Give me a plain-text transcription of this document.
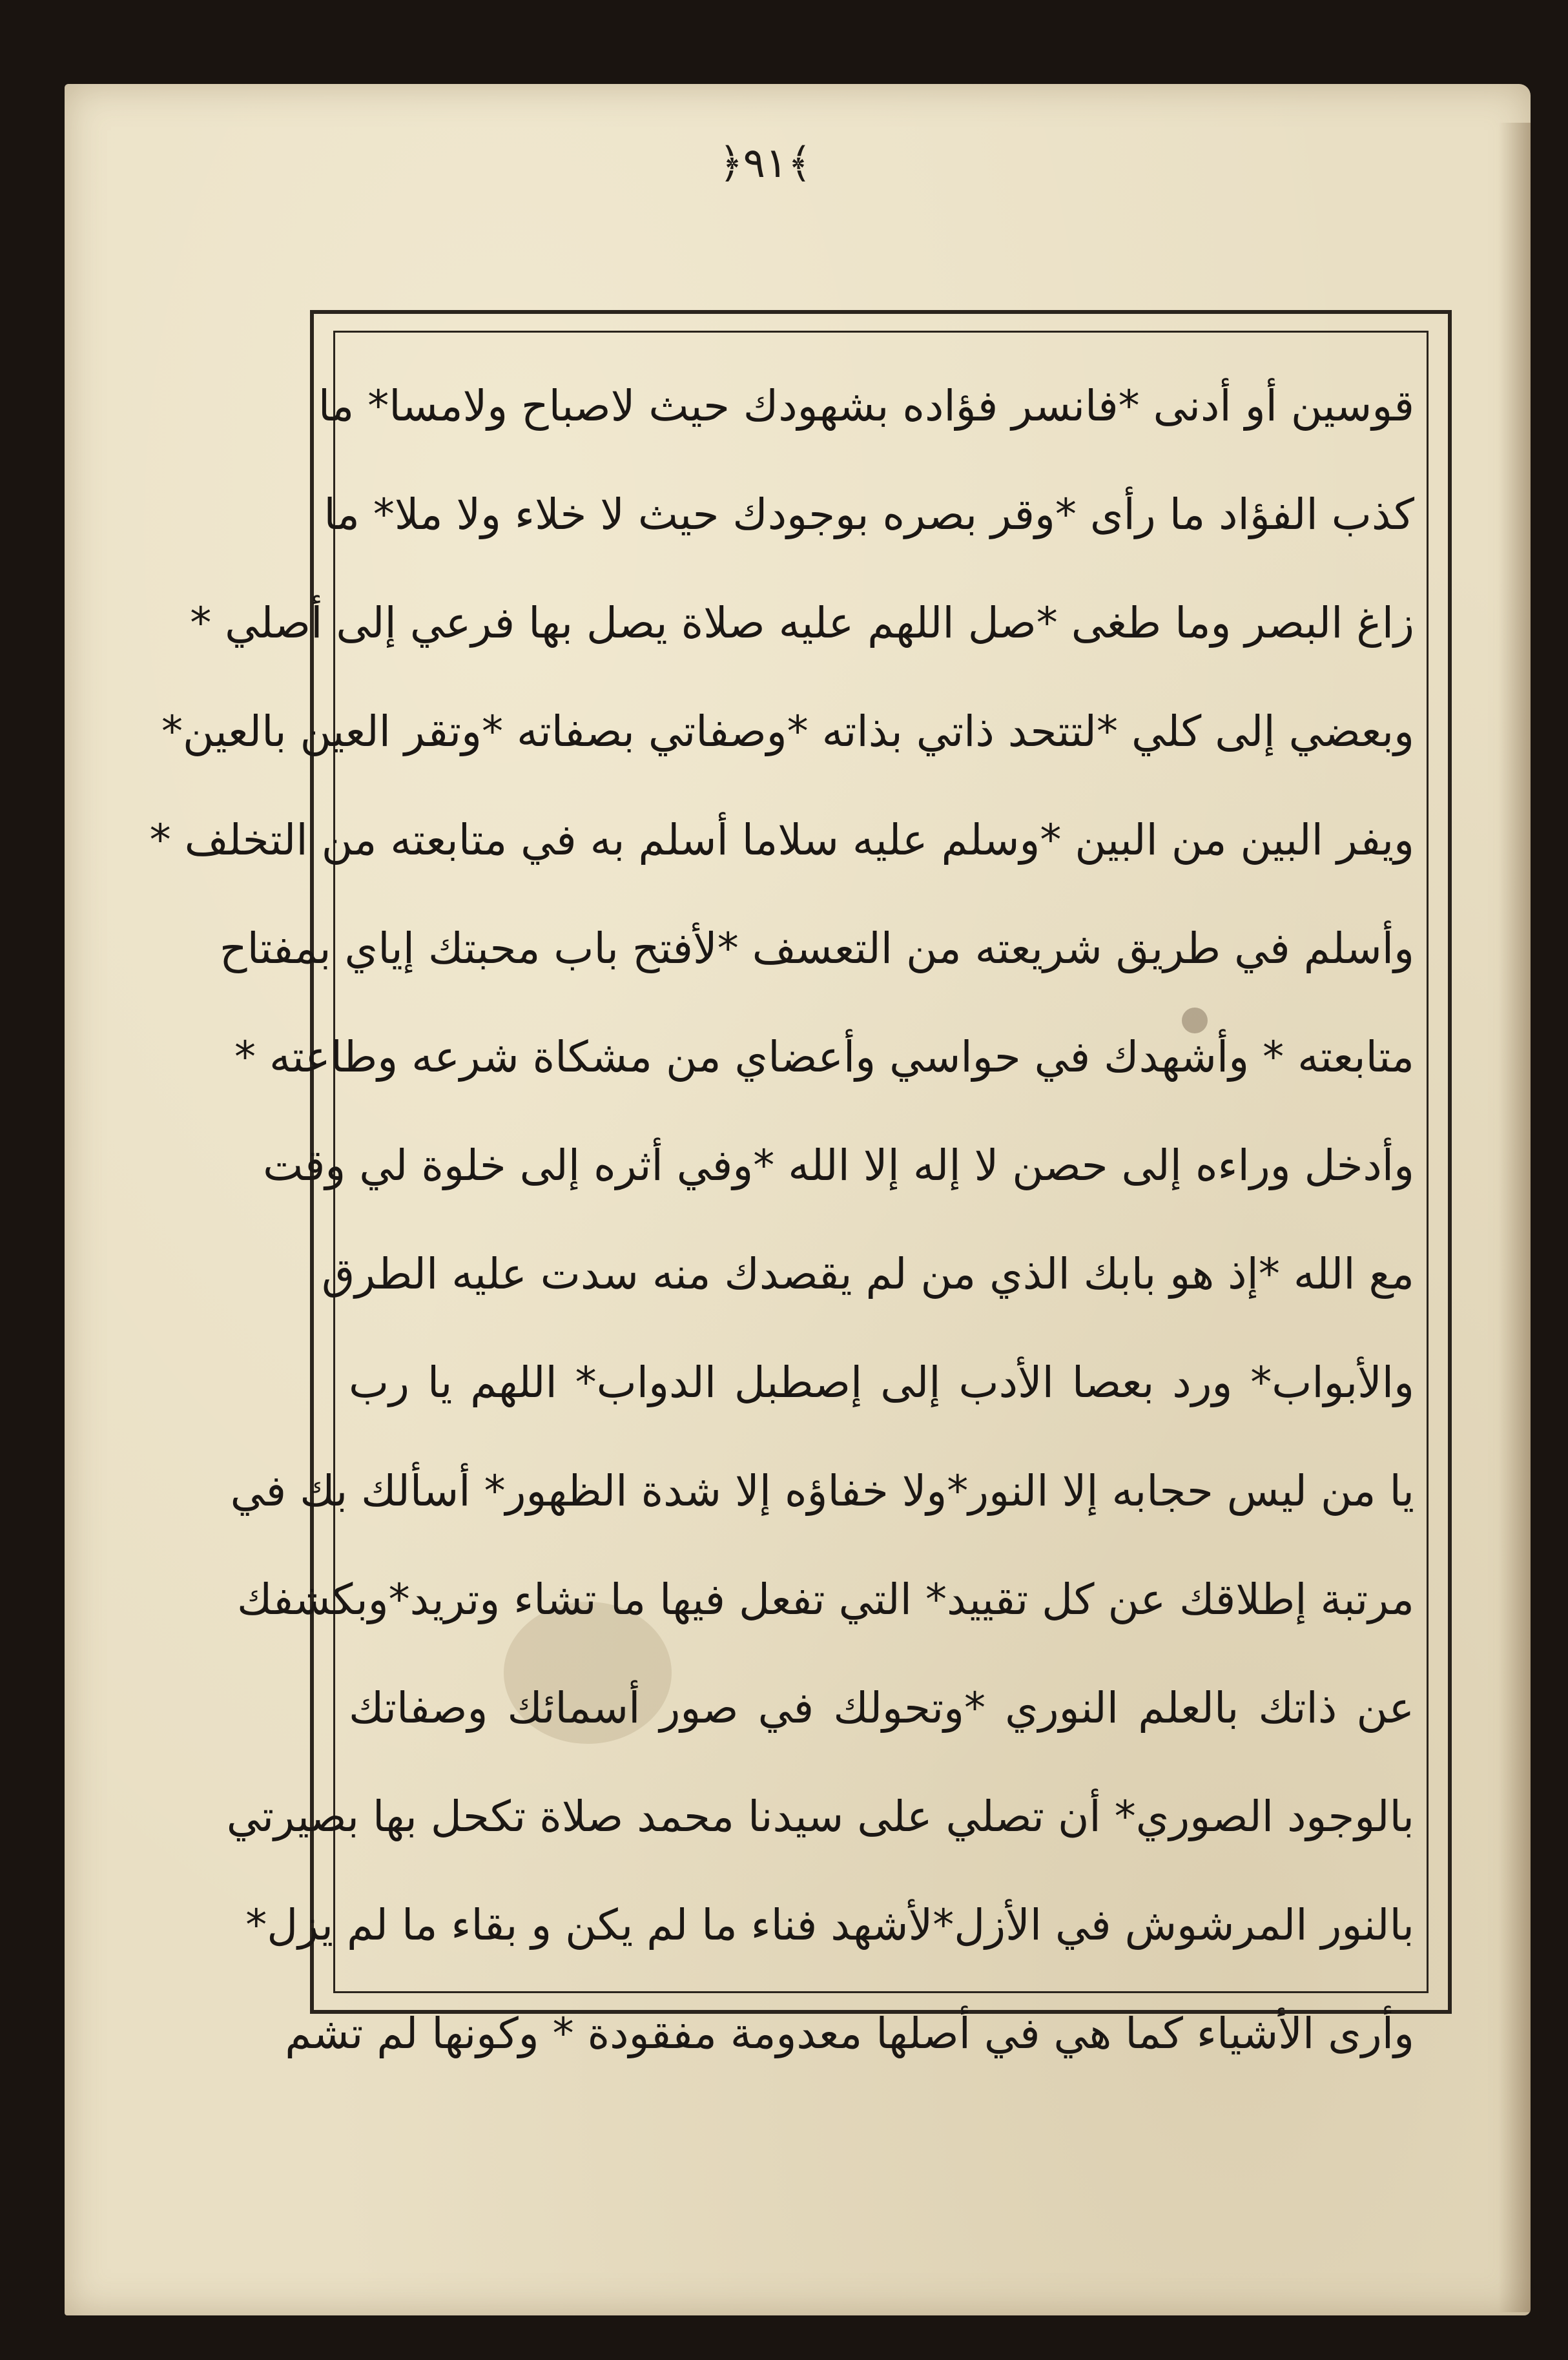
﴿٩١﴾
قوسين أو أدنى *فانسر فؤاده بشهودك حيث لاصباح ولامسا* ما
كذب الفؤاد ما رأى *وقر بصره بوجودك حيث لا خلاء ولا ملا* ما
زاغ البصر وما طغى *صل اللهم عليه صلاة يصل بها فرعي إلى أصلي *
وبعضي إلى كلي *لتتحد ذاتي بذاته *وصفاتي بصفاته *وتقر العين بالعين*
ويفر البين من البين *وسلم عليه سلاما أسلم به في متابعته من التخلف *
وأسلم في طريق شريعته من التعسف *لأفتح باب محبتك إياي بمفتاح
متابعته * وأشهدك في حواسي وأعضاي من مشكاة شرعه وطاعته *
وأدخل وراءه إلى حصن لا إله إلا الله *وفي أثره إلى خلوة لي وقت
مع الله *إذ هو بابك الذي من لم يقصدك منه سدت عليه الطرق
والأبواب* ورد بعصا الأدب إلى إصطبل الدواب* اللهم يا رب
يا من ليس حجابه إلا النور*ولا خفاؤه إلا شدة الظهور* أسألك بك في
مرتبة إطلاقك عن كل تقييد* التي تفعل فيها ما تشاء وتريد*وبكشفك
عن ذاتك بالعلم النوري *وتحولك في صور أسمائك وصفاتك
بالوجود الصوري* أن تصلي على سيدنا محمد صلاة تكحل بها بصيرتي
بالنور المرشوش في الأزل*لأشهد فناء ما لم يكن و بقاء ما لم يزل*
وأرى الأشياء كما هي في أصلها معدومة مفقودة * وكونها لم تشم
